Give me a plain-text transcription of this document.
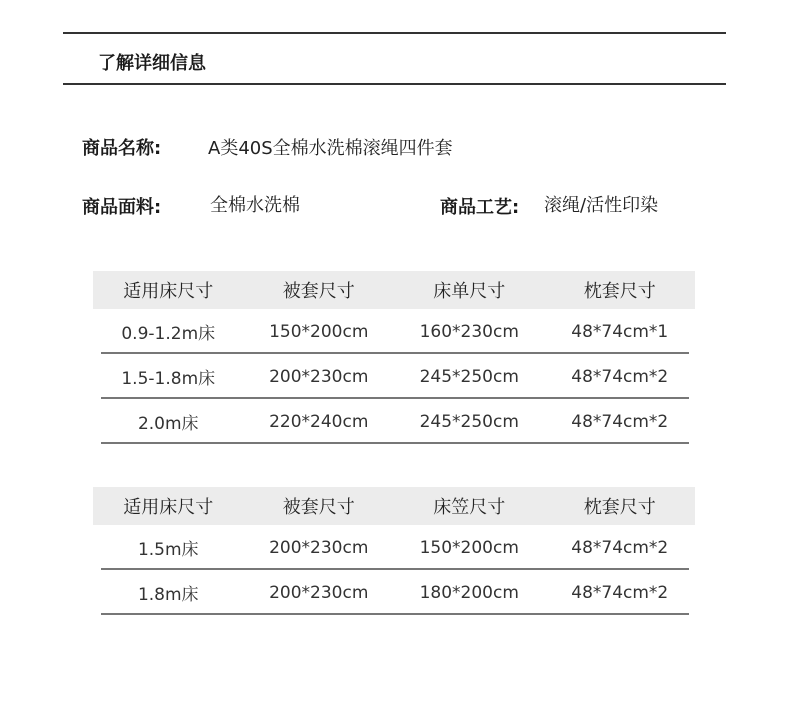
了解详细信息
商品名称:	A类40S全棉水洗棉滚绳四件套
商品面料:	全棉水洗棉	商品工艺: 滚绳/活性印染
适用床尺寸	被套尺寸	床单尺寸	枕套尺寸
0.9-1.2m床	150*200cm	160*230cm	48*74cm*1

1.5-1.8m床	200*230cm	245*250cm	48*74cm*2

2.0m床	220*240cm	245*250cm	48*74cm*2
适用床尺寸	被套尺寸	床笠尺寸	枕套尺寸
1.5m床	200*230cm	150*200cm	48*74cm*2

1.8m床	200*230cm	180*200cm	48*74cm*2
